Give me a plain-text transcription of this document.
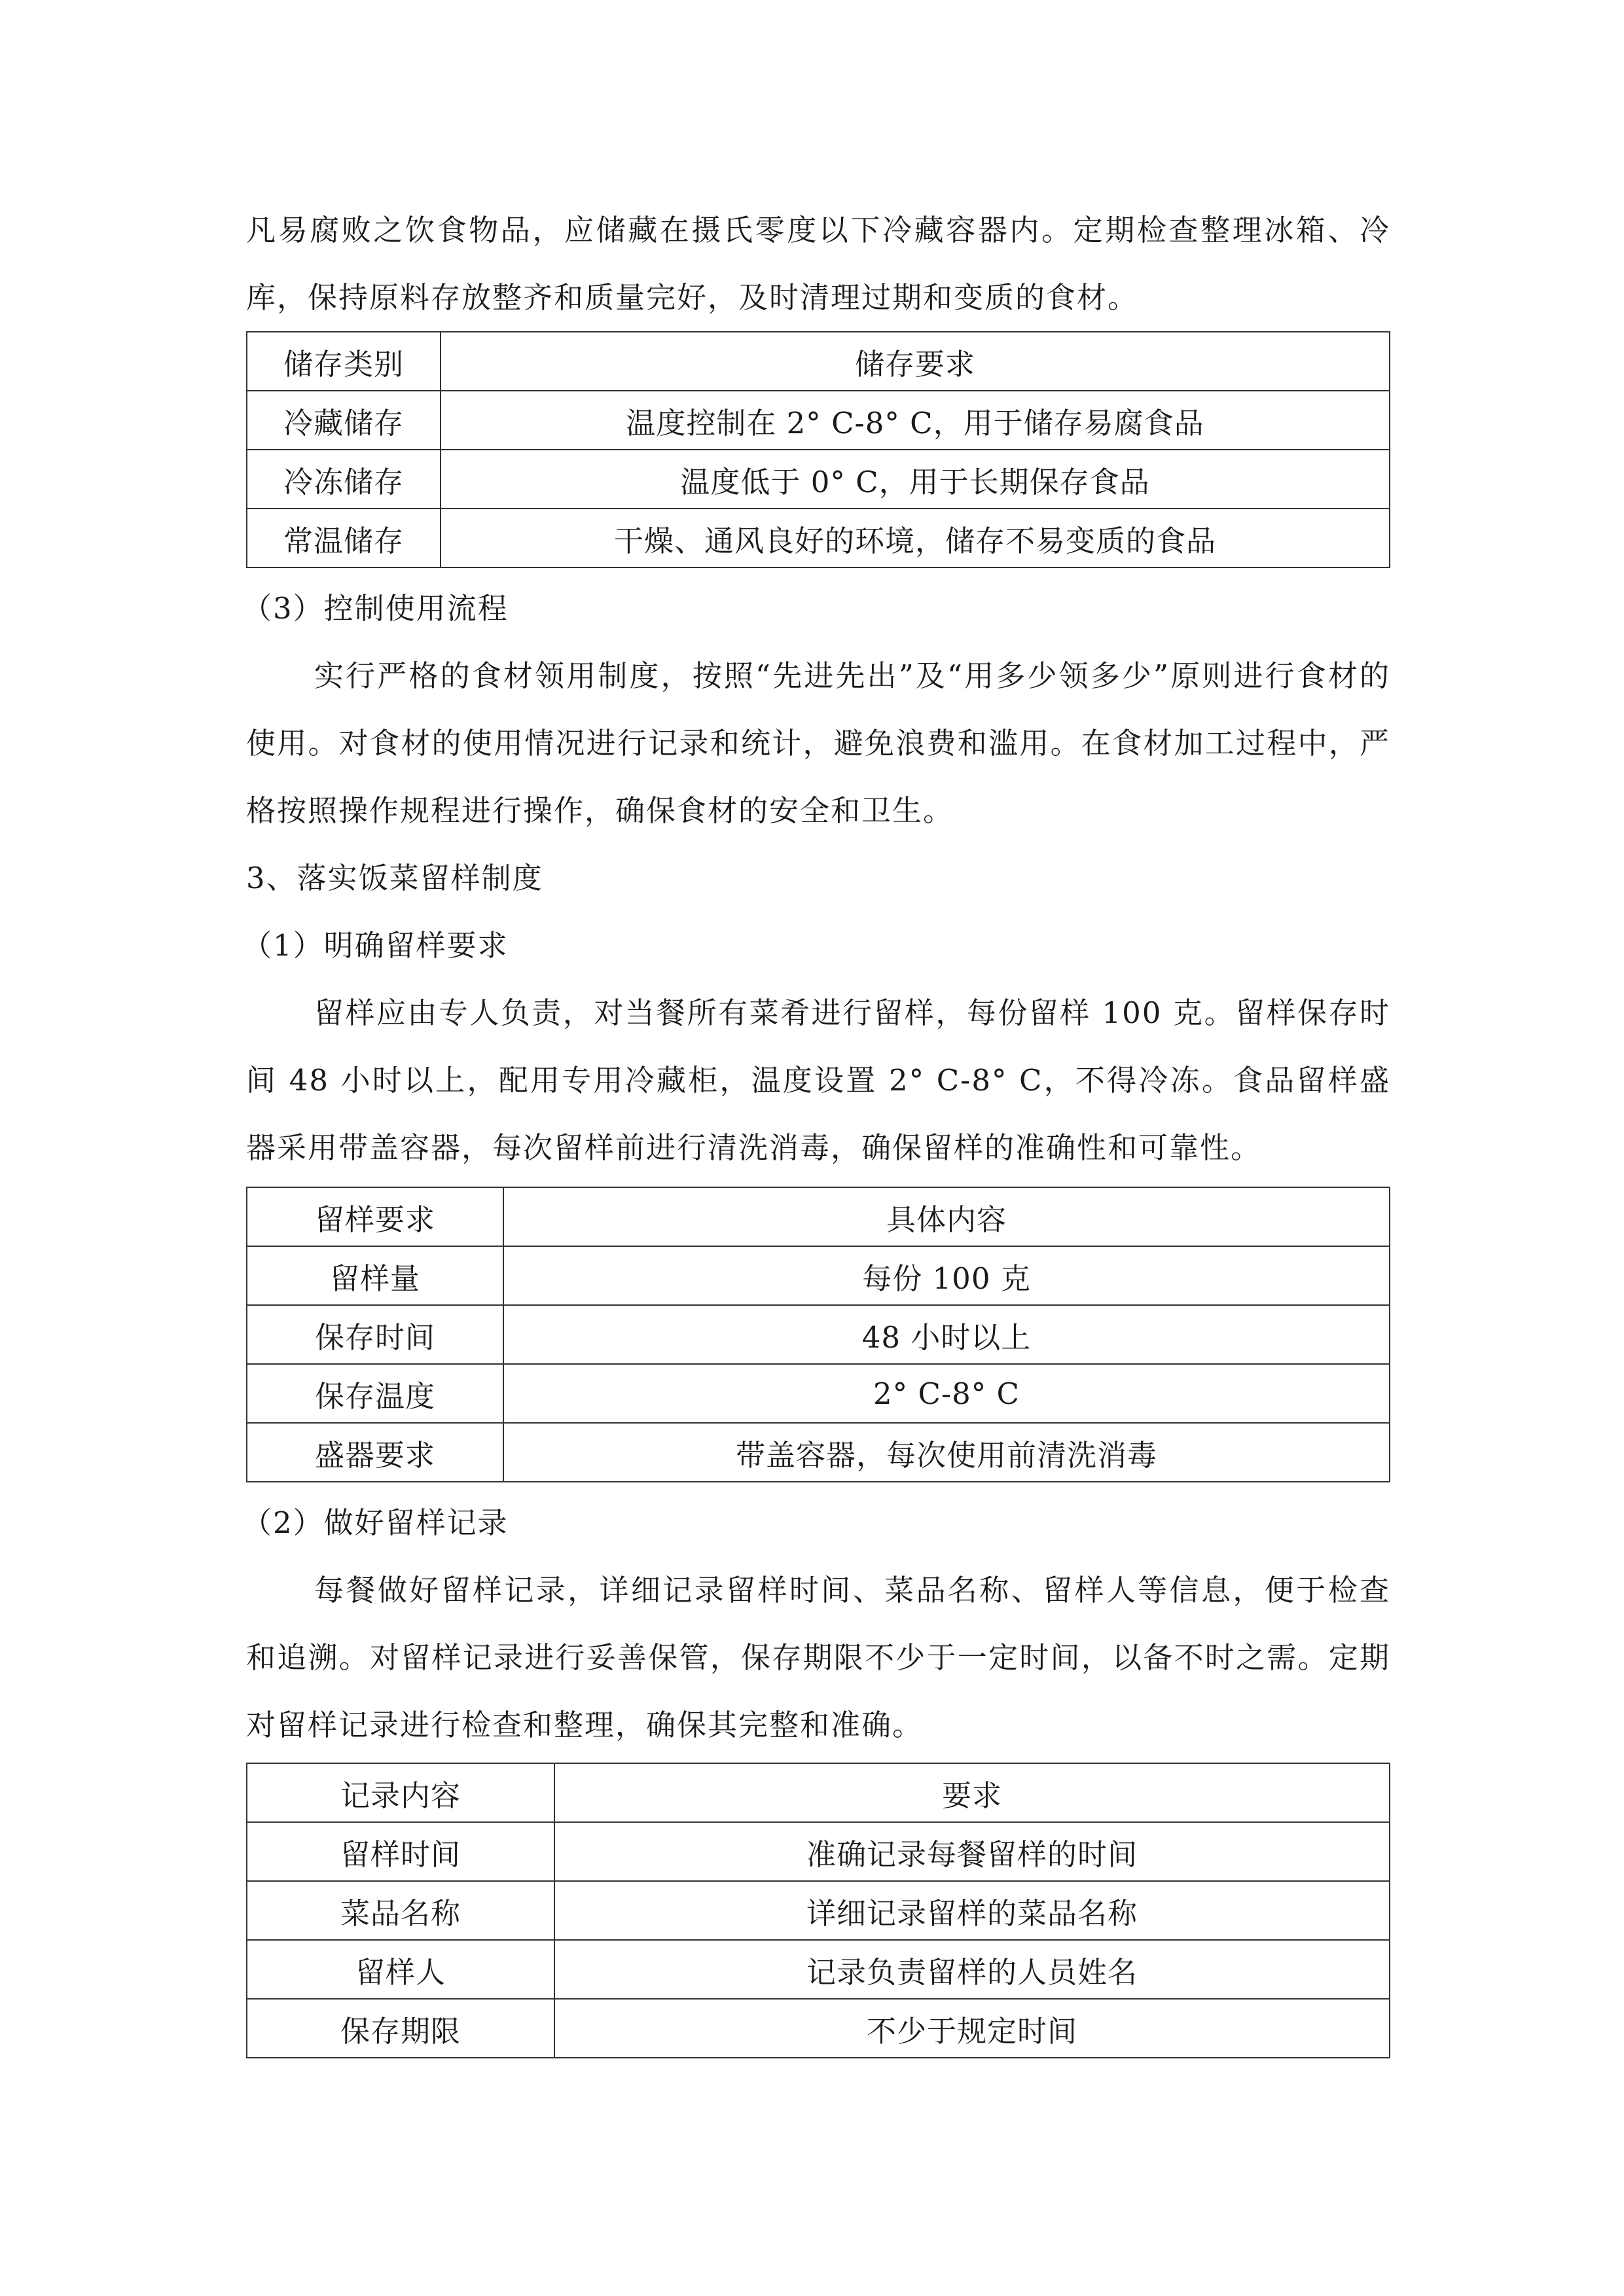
凡易腐败之饮食物品，应储藏在摄氏零度以下冷藏容器内。定期检查整理冰箱、冷库，保持原料存放整齐和质量完好，及时清理过期和变质的食材。

储存类别	储存要求
冷藏储存	温度控制在 2° C-8° C，用于储存易腐食品
冷冻储存	温度低于 0° C，用于长期保存食品
常温储存	干燥、通风良好的环境，储存不易变质的食品

（3）控制使用流程

实行严格的食材领用制度，按照“先进先出”及“用多少领多少”原则进行食材的使用。对食材的使用情况进行记录和统计，避免浪费和滥用。在食材加工过程中，严格按照操作规程进行操作，确保食材的安全和卫生。

3、落实饭菜留样制度

（1）明确留样要求

留样应由专人负责，对当餐所有菜肴进行留样，每份留样 100 克。留样保存时间 48 小时以上，配用专用冷藏柜，温度设置 2° C-8° C，不得冷冻。食品留样盛器采用带盖容器，每次留样前进行清洗消毒，确保留样的准确性和可靠性。

留样要求	具体内容
留样量	每份 100 克
保存时间	48 小时以上
保存温度	2° C-8° C
盛器要求	带盖容器，每次使用前清洗消毒

（2）做好留样记录

每餐做好留样记录，详细记录留样时间、菜品名称、留样人等信息，便于检查和追溯。对留样记录进行妥善保管，保存期限不少于一定时间，以备不时之需。定期对留样记录进行检查和整理，确保其完整和准确。

记录内容	要求
留样时间	准确记录每餐留样的时间
菜品名称	详细记录留样的菜品名称
留样人	记录负责留样的人员姓名
保存期限	不少于规定时间
